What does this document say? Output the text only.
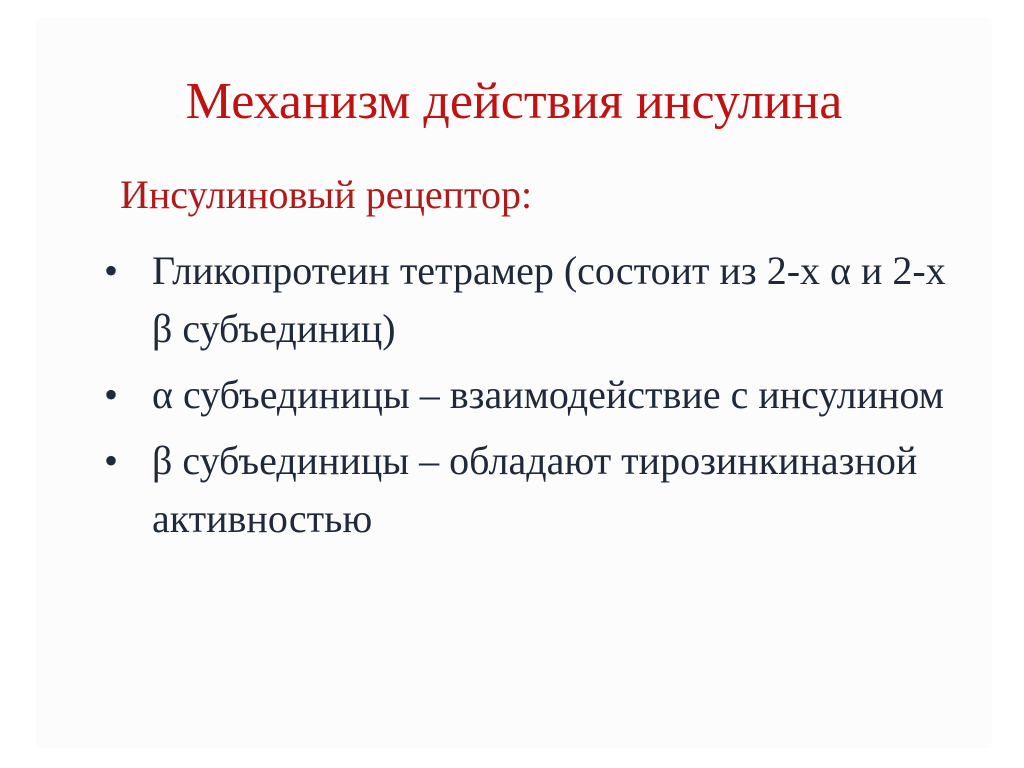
Механизм действия инсулина
Инсулиновый рецептор:
• Гликопротеин тетрамер (состоит из 2-х α и 2-х β субъединиц)
• α субъединицы – взаимодействие с инсулином
• β субъединицы – обладают тирозинкиназной активностью
